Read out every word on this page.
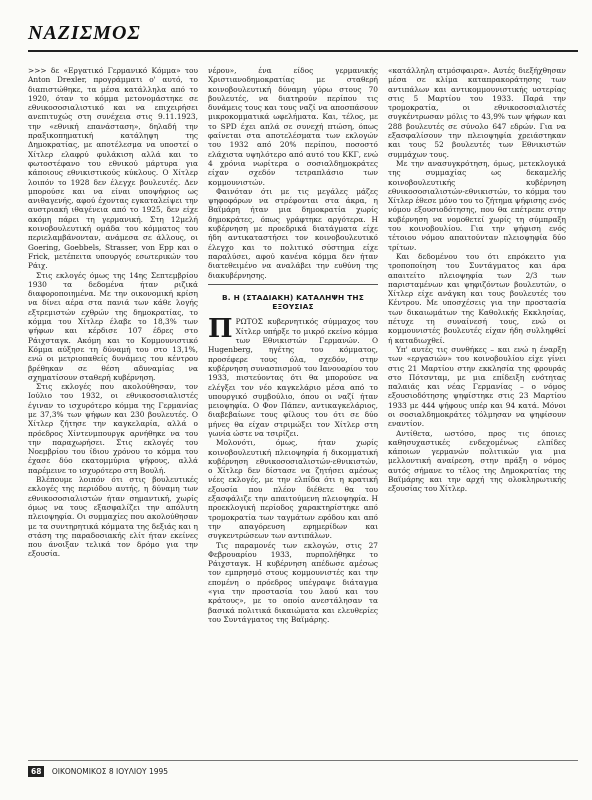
ΝΑΖΙΣΜΟΣ

>>> δε «Εργατικό Γερμανικό Κόμμα» του Anton Drexler, προγράμματι ο' αυτό, το διαπιστώθηκε, τα μέσα κατάλληλα από το 1920, όταν το κόμμα μετονομάστηκε σε εθνικοσοσιαλιστικό και να επιχειρήσει ανεπιτυχώς στη συνέχεια στις 9.11.1923, την «εθνική επανάσταση», δηλαδή την πραξικοπηματική κατάληψη της Δημοκρατίας, με αποτέλεσμα να υποστεί ο Χίτλερ ελαφρύ φυλάκιση αλλά και το φωτοστέφανο του εθνικού μάρτυρα για κάποιους εθνικιστικούς κύκλους. Ο Χίτλερ λοιπόν το 1928 δεν έλεγχε βουλευτές. Δεν μπορούσε και να είναι υποψήφιος ως ανιθαγενής, αφού έχοντας εγκαταλείψει την αυστριακή ιθαγένεια από το 1925, δεν είχε ακόμη πάρει τη γερμανική. Στη 12μελή κοινοβουλευτική ομάδα του κόμματος του περιελαμβάνονταν, ανάμεσα σε άλλους, οι Goering, Goebbels, Strasser, von Epp και ο Frick, μετέπειτα υπουργός εσωτερικών του Ράιχ.

Στις εκλογές όμως της 14ης Σεπτεμβρίου 1930 τα δεδομένα ήταν ριζικά διαφοροποιημένα. Με την οικονομική κρίση να δίνει αέρα στα πανιά των κάθε λογής εξτρεμιστών εχθρών της δημοκρατίας, το κόμμα του Χίτλερ έλαβε το 18,3% των ψήφων και κέρδισε 107 έδρες στο Ράιχσταγκ. Ακόμη και το Κομμουνιστικό Κόμμα αύξησε τη δύναμή του στο 13,1%, ενώ οι μετριοπαθείς δυνάμεις του κέντρου βρέθηκαν σε θέση αδυναμίας να σχηματίσουν σταθερή κυβέρνηση.

Στις εκλογές που ακολούθησαν, τον Ιούλιο του 1932, οι εθνικοσοσιαλιστές έγιναν το ισχυρότερο κόμμα της Γερμανίας με 37,3% των ψήφων και 230 βουλευτές. Ο Χίτλερ ζήτησε την καγκελαρία, αλλά ο πρόεδρος Χίντενμπουργκ αρνήθηκε να του την παραχωρήσει. Στις εκλογές του Νοεμβρίου του ίδιου χρόνου το κόμμα του έχασε δύο εκατομμύρια ψήφους, αλλά παρέμεινε το ισχυρότερο στη Βουλή.

Βλέπουμε λοιπόν ότι στις βουλευτικές εκλογές της περιόδου αυτής, η δύναμη των εθνικοσοσιαλιστών ήταν σημαντική, χωρίς όμως να τους εξασφαλίζει την απόλυτη πλειοψηφία. Οι συμμαχίες που ακολούθησαν με τα συντηρητικά κόμματα της δεξιάς και η στάση της παραδοσιακής ελίτ ήταν εκείνες που άνοιξαν τελικά τον δρόμο για την εξουσία.

νέρου», ένα είδος γερμανικής Χριστιανοδημοκρατίας με σταθερή κοινοβουλευτική δύναμη γύρω στους 70 βουλευτές, να διατηρούν περίπου τις δυνάμεις τους και τους ναζί να αποσπάσουν μικροκομματικά ωφελήματα. Και, τέλος, με το SPD έχει απλά σε συνεχή πτώση, όπως φαίνεται στα αποτελέσματα των εκλογών του 1932 από 20% περίπου, ποσοστό ελάχιστα υψηλότερο από αυτό του ΚΚΓ, ενώ 4 χρόνια νωρίτερα ο σοσιαλδημοκράτες είχαν σχεδόν τετραπλάσιο των κομμουνιστών.

Φαινόταν ότι με τις μεγάλες μάζες ψηφοφόρων να στρέφονται στα άκρα, η Βαϊμάρη ήταν μια δημοκρατία χωρίς δημοκράτες, όπως γράφτηκε αργότερα. Η κυβέρνηση με προεδρικά διατάγματα είχε ήδη αντικαταστήσει τον κοινοβουλευτικό έλεγχο και το πολιτικό σύστημα είχε παραλύσει, αφού κανένα κόμμα δεν ήταν διατεθειμένο να αναλάβει την ευθύνη της διακυβέρνησης.

Β. Η (ΣΤΑΔΙΑΚΗ) ΚΑΤΑΛΗΨΗ ΤΗΣ ΕΞΟΥΣΙΑΣ

ΠΡΩΤΟΣ κυβερνητικός σύμμαχος του Χίτλερ υπήρξε το μικρό εκείνο κόμμα των Εθνικιστών Γερμανών. Ο Hugenberg, ηγέτης του κόμματος, προσέφερε τους όλα, σχεδόν, στην κυβέρνηση συνασπισμού του Ιανουαρίου του 1933, πιστεύοντας ότι θα μπορούσε να ελέγξει τον νέο καγκελάριο μέσα από το υπουργικό συμβούλιο, όπου οι ναζί ήταν μειοψηφία. Ο Φον Πάπεν, αντικαγκελάριος, διαβεβαίωνε τους φίλους του ότι σε δύο μήνες θα είχαν στριμώξει τον Χίτλερ στη γωνία ώστε να τσιρίζει.

Μολονότι, όμως, ήταν χωρίς κοινοβουλευτική πλειοψηφία ή δικομματική κυβέρνηση εθνικοσοσιαλιστών-εθνικιστών, ο Χίτλερ δεν δίστασε να ζητήσει αμέσως νέες εκλογές, με την ελπίδα ότι η κρατική εξουσία που πλέον διέθετε θα του εξασφάλιζε την απαιτούμενη πλειοψηφία. Η προεκλογική περίοδος χαρακτηρίστηκε από τρομοκρατία των ταγμάτων εφόδου και από την απαγόρευση εφημερίδων και συγκεντρώσεων των αντιπάλων.

Τις παραμονές των εκλογών, στις 27 Φεβρουαρίου 1933, πυρπολήθηκε το Ράιχσταγκ. Η κυβέρνηση απέδωσε αμέσως τον εμπρησμό στους κομμουνιστές και την επομένη ο πρόεδρος υπέγραψε διάταγμα «για την προστασία του λαού και του κράτους», με το οποίο ανεστάλησαν τα βασικά πολιτικά δικαιώματα και ελευθερίες του Συντάγματος της Βαϊμάρης.

«κατάλληλη ατμόσφαιρα». Αυτές διεξήχθησαν μέσα σε κλίμα καταπρακοράτησης των αντιπάλων και αντικομμουνιστικής υστερίας στις 5 Μαρτίου του 1933. Παρά την τρομοκρατία, οι εθνικοσοσιαλιστές συγκέντρωσαν μόλις το 43,9% των ψήφων και 288 βουλευτές σε σύνολο 647 εδρών. Για να εξασφαλίσουν την πλειοψηφία χρειάστηκαν και τους 52 βουλευτές των Εθνικιστών συμμάχων τους.

Με την ανασυγκρότηση, όμως, μετεκλογικά της συμμαχίας ως δεκαμελής κοινοβουλευτικής κυβέρνηση εθνικοσοσιαλιστών-εθνικιστών, το κόμμα του Χίτλερ έθεσε μόνο του το ζήτημα ψήφισης ενός νόμου εξουσιοδότησης, που θα επέτρεπε στην κυβέρνηση να νομοθετεί χωρίς τη σύμπραξη του κοινοβουλίου. Για την ψήφιση ενός τέτοιου νόμου απαιτούνταν πλειοψηφία δύο τρίτων.

Και δεδομένου του ότι επρόκειτο για τροποποίηση του Συντάγματος και άρα απαιτείτο πλειοψηφία των 2/3 των παρισταμένων και ψηφιζόντων βουλευτών, ο Χίτλερ είχε ανάγκη και τους βουλευτές του Κέντρου. Με υποσχέσεις για την προστασία των δικαιωμάτων της Καθολικής Εκκλησίας, πέτυχε τη συναίνεσή τους, ενώ οι κομμουνιστές βουλευτές είχαν ήδη συλληφθεί ή καταδιωχθεί.

Υπ' αυτές τις συνθήκες – και ενώ η έναρξη των «εργασιών» του κοινοβουλίου είχε γίνει στις 21 Μαρτίου στην εκκλησία της φρουράς στο Πότσνταμ, με μια επίδειξη ενότητας παλαιάς και νέας Γερμανίας – ο νόμος εξουσιοδότησης ψηφίστηκε στις 23 Μαρτίου 1933 με 444 ψήφους υπέρ και 94 κατά. Μόνοι οι σοσιαλδημοκράτες τόλμησαν να ψηφίσουν εναντίον.

Αντίθετα, ωστόσο, προς τις όποιες καθησυχαστικές ενδεχομένως ελπίδες κάποιων γερμανών πολιτικών για μια μελλοντική αναίρεση, στην πράξη ο νόμος αυτός σήμανε το τέλος της Δημοκρατίας της Βαϊμάρης και την αρχή της ολοκληρωτικής εξουσίας του Χίτλερ.

68 ΟΙΚΟΝΟΜΙΚΟΣ 8 ΙΟΥΛΙΟΥ 1995
